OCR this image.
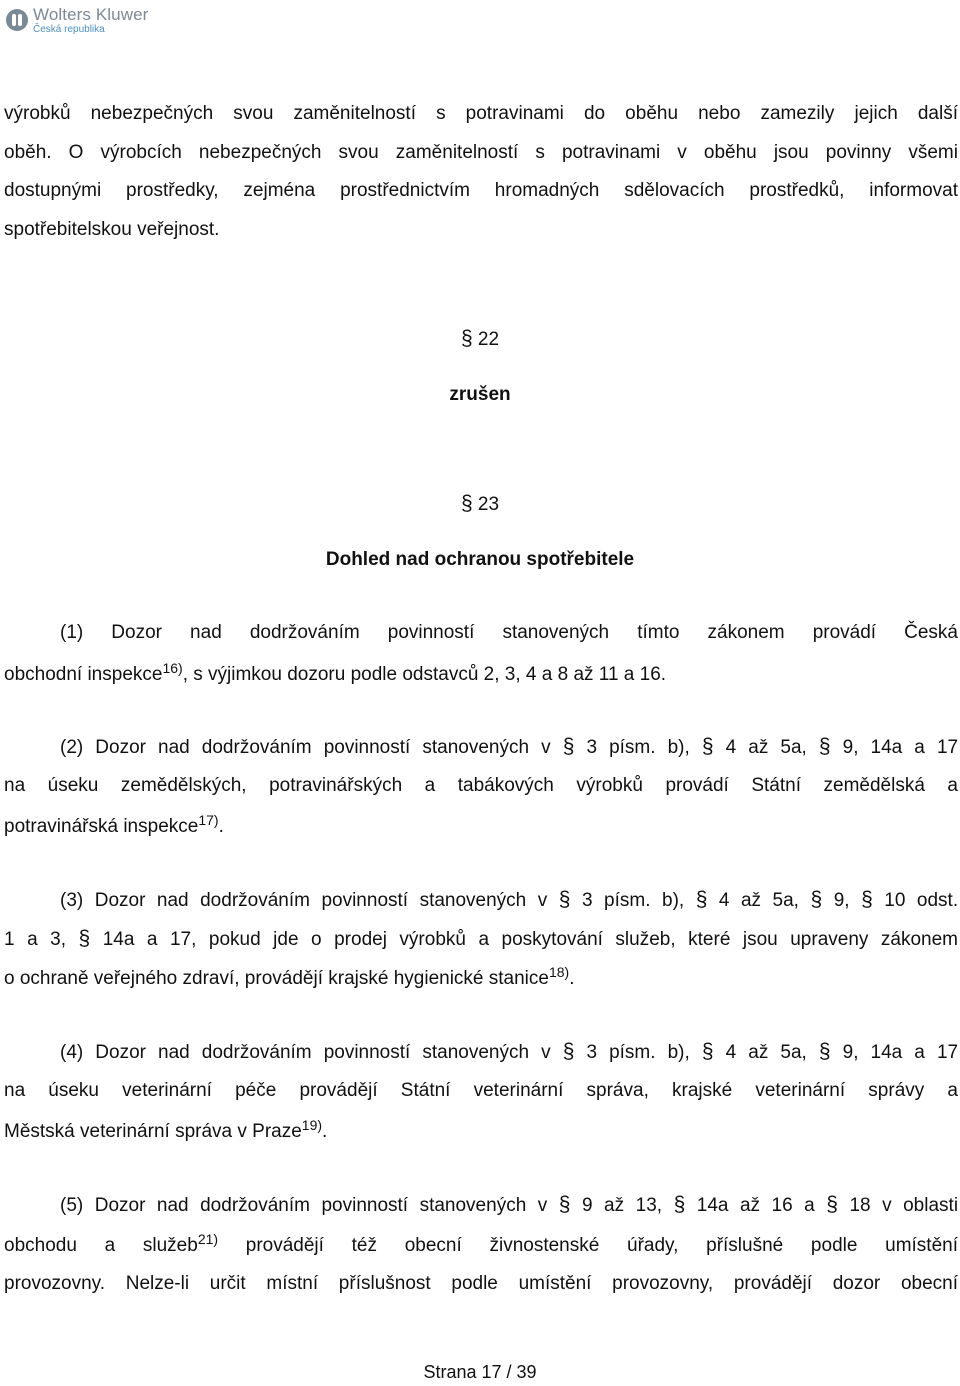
Wolters Kluwer
Česká republika
výrobků nebezpečných svou zaměnitelností s potravinami do oběhu nebo zamezily jejich další
oběh. O výrobcích nebezpečných svou zaměnitelností s potravinami v oběhu jsou povinny všemi
dostupnými prostředky, zejména prostřednictvím hromadných sdělovacích prostředků, informovat
spotřebitelskou veřejnost.
§ 22
zrušen
§ 23
Dohled nad ochranou spotřebitele
(1) Dozor nad dodržováním povinností stanovených tímto zákonem provádí Česká
obchodní inspekce$^{16)}$, s výjimkou dozoru podle odstavců 2, 3, 4 a 8 až 11 a 16.
(2) Dozor nad dodržováním povinností stanovených v § 3 písm. b), § 4 až 5a, § 9, 14a a 17
na úseku zemědělských, potravinářských a tabákových výrobků provádí Státní zemědělská a
potravinářská inspekce$^{17)}$.
(3) Dozor nad dodržováním povinností stanovených v § 3 písm. b), § 4 až 5a, § 9, § 10 odst.
1 a 3, § 14a a 17, pokud jde o prodej výrobků a poskytování služeb, které jsou upraveny zákonem
o ochraně veřejného zdraví, provádějí krajské hygienické stanice$^{18)}$.
(4) Dozor nad dodržováním povinností stanovených v § 3 písm. b), § 4 až 5a, § 9, 14a a 17
na úseku veterinární péče provádějí Státní veterinární správa, krajské veterinární správy a
Městská veterinární správa v Praze$^{19)}$.
(5) Dozor nad dodržováním povinností stanovených v § 9 až 13, § 14a až 16 a § 18 v oblasti
obchodu a služeb$^{21)}$ provádějí též obecní živnostenské úřady, příslušné podle umístění
provozovny. Nelze-li určit místní příslušnost podle umístění provozovny, provádějí dozor obecní
Strana 17 / 39
